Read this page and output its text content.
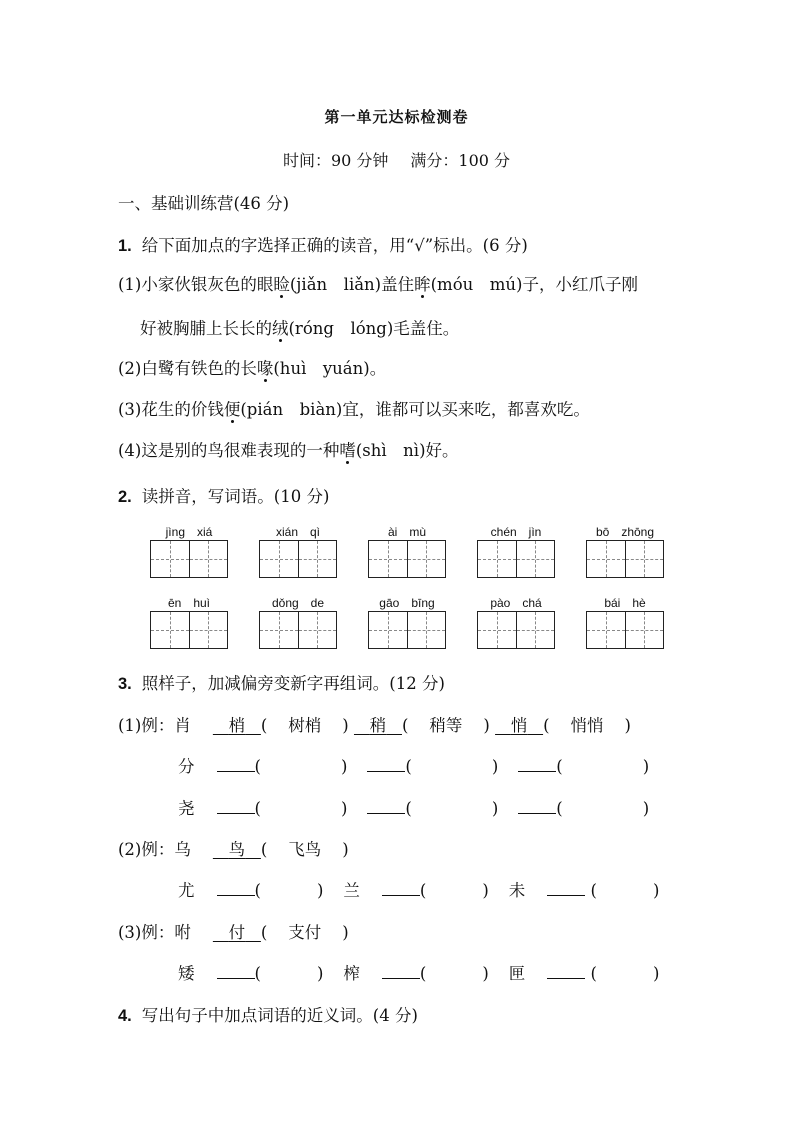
第一单元达标检测卷
时间：90 分钟 满分：100 分
一、基础训练营(46 分)
1. 给下面加点的字选择正确的读音，用“√”标出。(6 分)
(1)小家伙银灰色的眼睑(jiǎn　liǎn)盖住眸(móu　mú)子，小红爪子刚
好被胸脯上长长的绒(róng　lóng)毛盖住。
(2)白鹭有铁色的长喙(huì　yuán)。
(3)花生的价钱便(pián　biàn)宜，谁都可以买来吃，都喜欢吃。
(4)这是别的鸟很难表现的一种嗜(shì　nì)好。
2. 读拼音，写词语。(10 分)
jìng　xiá	xián　qì	ài　mù	chén　jìn	bō　zhōng
ēn　huì	dǒng　de	gāo　bīng	pào　chá	bái　hè
3. 照样子，加减偏旁变新字再组词。(12 分)
(1)例：肖 梢 (    树梢    )    稍 (    稍等    )    悄 (    悄悄    )
分	(	)	(	)	(	)
尧	(	)	(	)	(	)
(2)例：乌 鸟 (    飞鸟    )
尤	(	) 兰	(	) 未	(	)
(3)例：咐 付 (    支付    )
矮	(	) 榨	(	) 匣	(	)
4. 写出句子中加点词语的近义词。(4 分)
